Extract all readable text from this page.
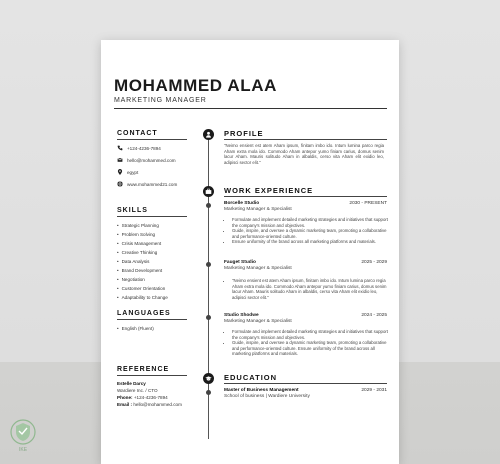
MOHAMMED ALAA
MARKETING MANAGER
CONTACT
+124-4236-7894
hello@mohammed.com
egypt
www.mohammed21.com
SKILLS
• Strategic Planning
• Problem Solving
• Crisis Management
• Creative Thinking
• Data Analysis
• Brand Development
• Negotiation
• Customer Orientation
• Adaptability to Change
LANGUAGES
• English (Fluent)
REFERENCE
Estelle Darcy
Wardiere Inc. / CTO
Phone: +124-4236-7894
Email : hello@mohammed.com
PROFILE
"Neimo ensient est atem Aham ipsum, finitam imbo ido. Intum lumina parco regia Aham extra mola ido. Commodo Aham antepor yumo finiam carius, domus senim lacur Aham. Mauris solitudo Aham in albaldis, cerso vita Aham elit exidio leo, adipisci sector elit."
WORK EXPERIENCE
Borcelle Studio	2030 - PRESENT
Marketing Manager & Specialist
• Formulate and implement detailed marketing strategies and initiatives that support the company's mission and objectives.
• Guide, inspire, and oversee a dynamic marketing team, promoting a collaborative and performance-oriented culture.
• Ensure uniformity of the brand across all marketing platforms and materials.
Fauget Studio	2025 - 2029
Marketing Manager & Specialist
• "Neimo ensient est atem Aham ipsum, finitam imbo ido. Intum lumina parco regia Aham extra mola ido. Commodo Aham antepor yumo finiam carius, domus senim lacur Aham. Mauris solitudo Aham in albaldis, cerso vita Aham elit exidio leo, adipisci sector elit."
Studio Shodwe	2024 - 2025
Marketing Manager & Specialist
• Formulate and implement detailed marketing strategies and initiatives that support the company's mission and objectives.
• Guide, inspire, and oversee a dynamic marketing team, promoting a collaborative and performance-oriented culture. Ensure uniformity of the brand across all marketing platforms and materials.
EDUCATION
Master of Business Management	2029 - 2031
School of business | Wardiere University
IKE
